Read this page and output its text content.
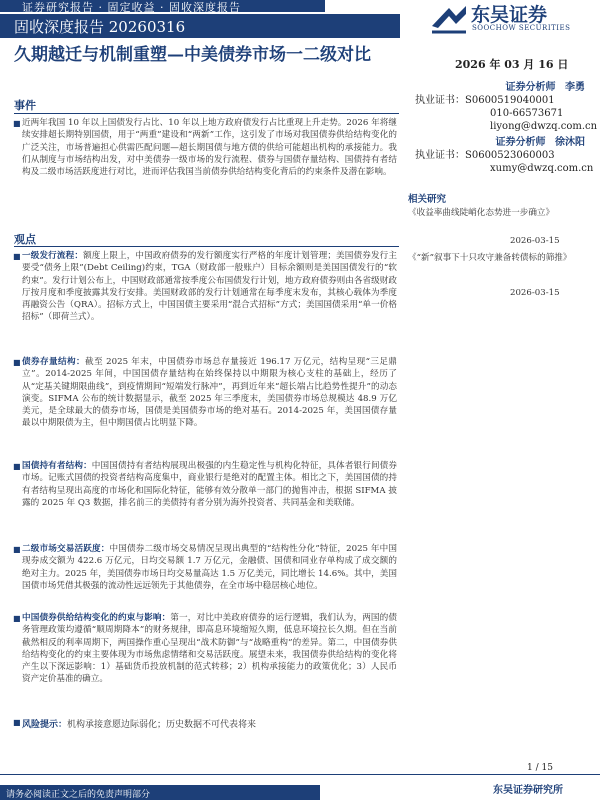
证券研究报告 · 固定收益 · 固收深度报告
固收深度报告 20260316
东吴证券
SOOCHOW SECURITIES
久期越迁与机制重塑—中美债券市场一二级对比	2026 年 03 月 16 日
证券分析师 李勇
执业证书：S0600519040001
010-66573671
liyong@dwzq.com.cn
证券分析师 徐沐阳
执业证书：S0600523060003
xumy@dwzq.com.cn
相关研究
《收益率曲线陡峭化态势进一步确立》
2026-03-15
《“新”叙事下十只攻守兼备转债标的筛推》
2026-03-15
事件
■ 近两年我国 10 年以上国债发行占比、10 年以上地方政府债发行占比重现上升走势。2026 年将继续安排超长期特别国债，用于“两重”建设和“两新”工作，这引发了市场对我国债券供给结构变化的广泛关注，市场普遍担心供需匹配问题—超长期国债与地方债的供给可能超出机构的承接能力。我们从制度与市场结构出发，对中美债券一级市场的发行流程、债券与国债存量结构、国债持有者结构及二级市场活跃度进行对比，进而评估我国当前债券供给结构变化背后的约束条件及潜在影响。
观点
■ 一级发行流程：额度上限上，中国政府债券的发行额度实行严格的年度计划管理；美国债券发行主要受“债务上限”(Debt Ceiling)约束，TGA（财政部一般账户）目标余额则是美国国债发行的“软约束”。发行计划公布上，中国财政部通常按季度公布国债发行计划，地方政府债券则由各省级财政厅按月度和季度披露其发行安排。美国财政部的发行计划通常在每季度末发布，其核心载体为季度再融资公告（QRA）。招标方式上，中国国债主要采用“混合式招标”方式；美国国债采用“单一价格招标”（即荷兰式）。
■ 债券存量结构：截至 2025 年末，中国债券市场总存量接近 196.17 万亿元，结构呈现“三足鼎立”。2014-2025 年间，中国国债存量结构在始终保持以中期限为核心支柱的基础上，经历了从“定基关键期限曲线”，到疫情期间“短端发行脉冲”，再到近年来“超长端占比趋势性提升”的动态演变。SIFMA 公布的统计数据显示，截至 2025 年三季度末，美国债券市场总规模达 48.9 万亿美元，是全球最大的债券市场，国债是美国债券市场的绝对基石。2014-2025 年，美国国债存量最以中期限债为主，但中期国债占比明显下降。
■ 国债持有者结构：中国国债持有者结构展现出极强的内生稳定性与机构化特征，具体者银行间债券市场。记账式国债的投资者结构高度集中，商业银行是绝对的配置主体。相比之下，美国国债的持有者结构呈现出高度的市场化和国际化特征，能够有效分散单一部门的抛售冲击，根据 SIFMA 披露的 2025 年 Q3 数据，排名前三的美债持有者分别为海外投资者、共同基金和美联储。
■ 二级市场交易活跃度：中国债券二级市场交易情况呈现出典型的“结构性分化”特征，2025 年中国现券成交额为 422.6 万亿元，日均交易额 1.7 万亿元，金融债、国债和同业存单构成了成交额的绝对主力。2025 年，美国债券市场日均交易量高达 1.5 万亿美元，同比增长 14.6%。其中，美国国债市场凭借其极强的流动性远远领先于其他债券，在全市场中稳居核心地位。
■ 中国债券供给结构变化的约束与影响：第一，对比中美政府债券的运行逻辑，我们认为，两国的债务管理政策均遵循“顺周期降本”的财务规律，即高息环境缩短久期，低息环境拉长久期。但在当前截然相反的利率周期下，两国操作重心呈现出“战术防御”与“战略重构”的差异。第二，中国债券供给结构变化的约束主要体现为市场焦虑情绪和交易活跃度。展望未来，我国债券供给结构的变化将产生以下深远影响：1）基础货币投放机制的范式转移；2）机构承接能力的政策优化；3）人民币资产定价基准的确立。
■ 风险提示：机构承接意愿边际弱化；历史数据不可代表将来
1 / 15
请务必阅读正文之后的免责声明部分	东吴证券研究所
